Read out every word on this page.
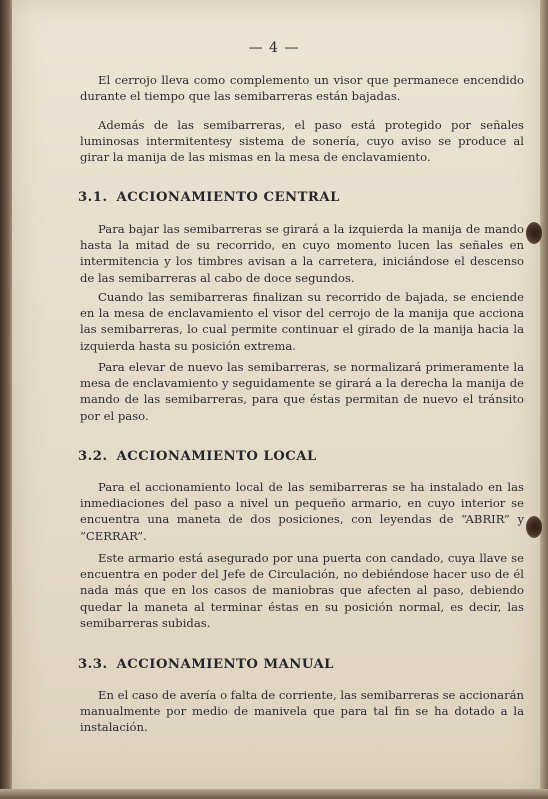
— 4 —

El cerrojo lleva como complemento un visor que permanece encendido durante el tiempo que las semibarreras están bajadas.

Además de las semibarreras, el paso está protegido por señales luminosas intermitentesy sistema de sonería, cuyo aviso se produce al girar la manija de las mismas en la mesa de enclavamiento.

3.1. ACCIONAMIENTO CENTRAL

Para bajar las semibarreras se girará a la izquierda la manija de mando hasta la mitad de su recorrido, en cuyo momento lucen las señales en intermitencia y los timbres avisan a la carretera, iniciándose el descenso de las semibarreras al cabo de doce segundos.

Cuando las semibarreras finalizan su recorrido de bajada, se enciende en la mesa de enclavamiento el visor del cerrojo de la manija que acciona las semibarreras, lo cual permite continuar el girado de la manija hacia la izquierda hasta su posición extrema.

Para elevar de nuevo las semibarreras, se normalizará primeramente la mesa de enclavamiento y seguidamente se girará a la derecha la manija de mando de las semibarreras, para que éstas permitan de nuevo el tránsito por el paso.

3.2. ACCIONAMIENTO LOCAL

Para el accionamiento local de las semibarreras se ha instalado en las inmediaciones del paso a nivel un pequeño armario, en cuyo interior se encuentra una maneta de dos posiciones, con leyendas de “ABRIR” y “CERRAR”.

Este armario está asegurado por una puerta con candado, cuya llave se encuentra en poder del Jefe de Circulación, no debiéndose hacer uso de él nada más que en los casos de maniobras que afecten al paso, debiendo quedar la maneta al terminar éstas en su posición normal, es decir, las semibarreras subidas.

3.3. ACCIONAMIENTO MANUAL

En el caso de avería o falta de corriente, las semibarreras se accionarán manualmente por medio de manivela que para tal fin se ha dotado a la instalación.
